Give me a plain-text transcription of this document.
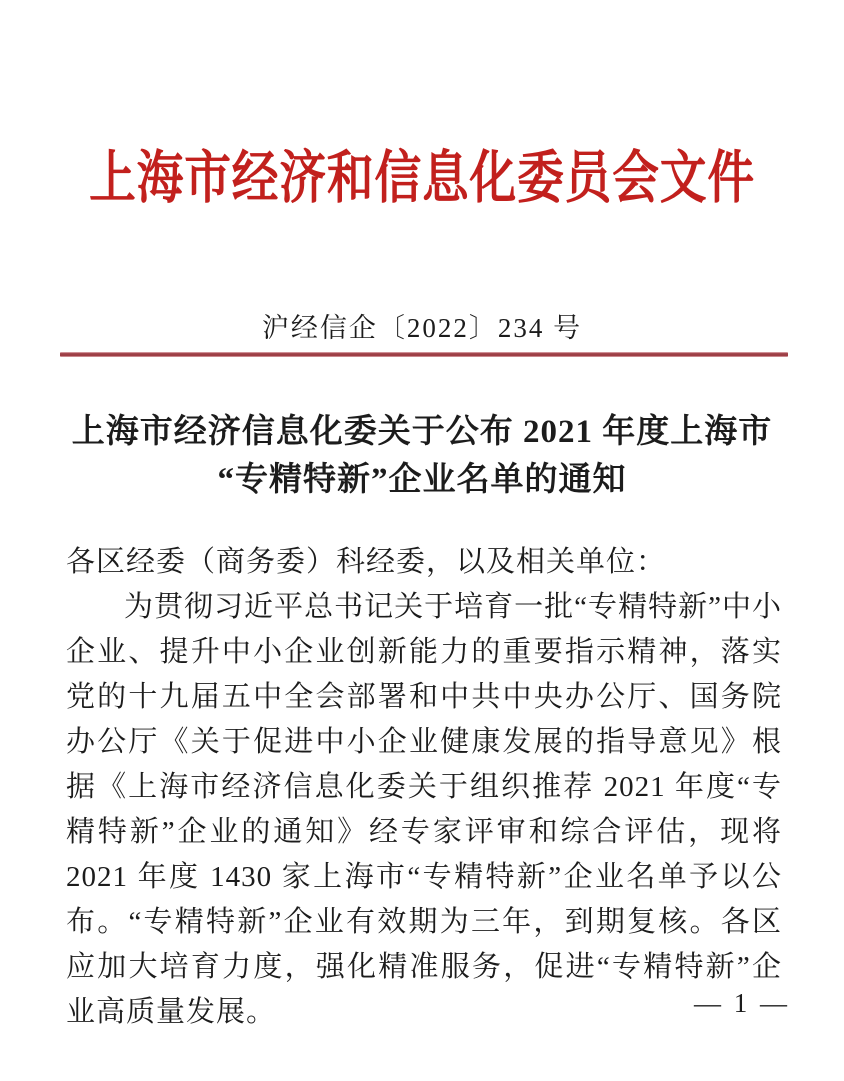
上海市经济和信息化委员会文件
沪经信企〔2022〕234 号
上海市经济信息化委关于公布 2021 年度上海市
“专精特新”企业名单的通知

各区经委（商务委）科经委，以及相关单位：

为贯彻习近平总书记关于培育一批“专精特新”中小企业、提升中小企业创新能力的重要指示精神，落实党的十九届五中全会部署和中共中央办公厅、国务院办公厅《关于促进中小企业健康发展的指导意见》根据《上海市经济信息化委关于组织推荐 2021 年度“专精特新”企业的通知》经专家评审和综合评估，现将 2021 年度 1430 家上海市“专精特新”企业名单予以公布。“专精特新”企业有效期为三年，到期复核。各区应加大培育力度，强化精准服务，促进“专精特新”企业高质量发展。	— 1 —
